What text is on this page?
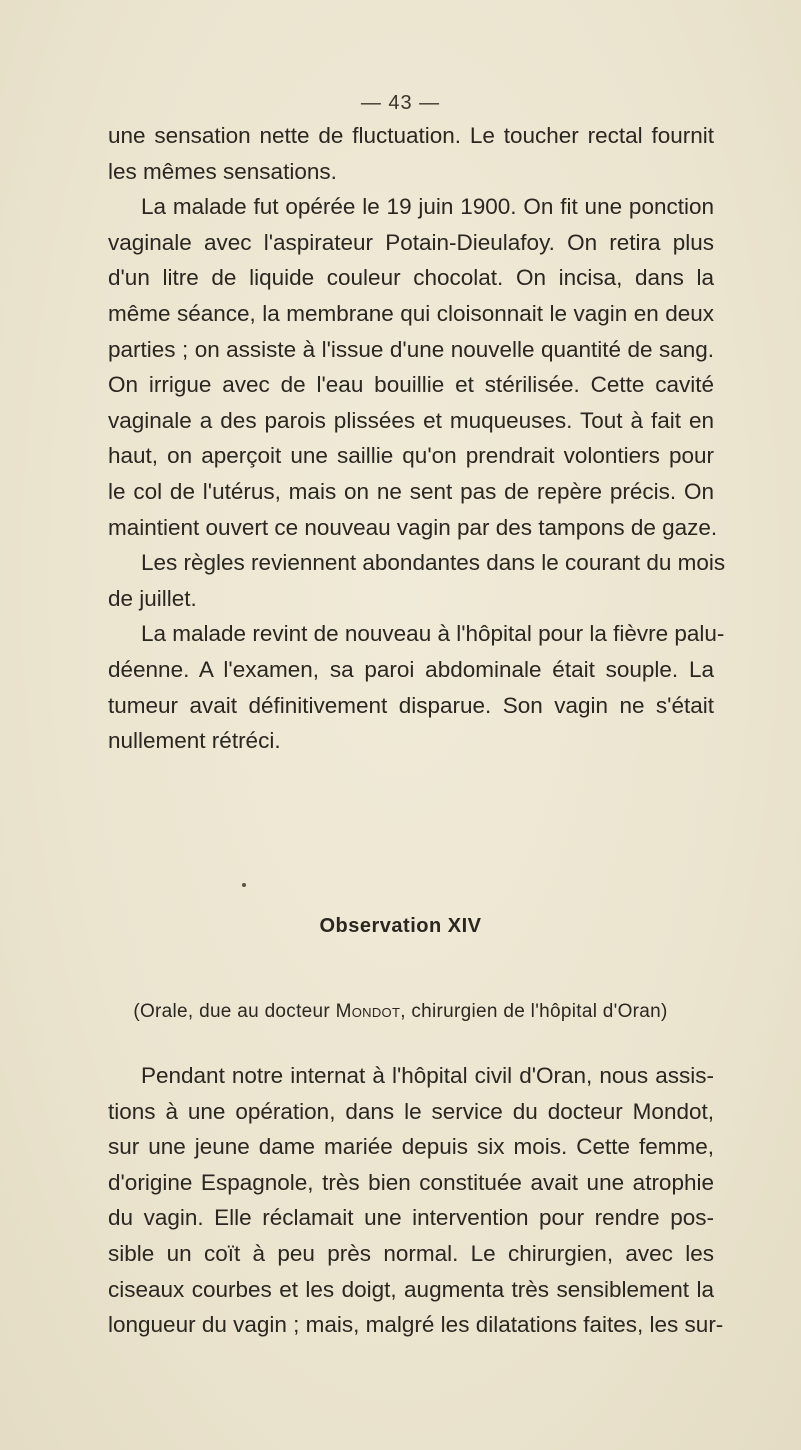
— 43 —
une sensation nette de fluctuation. Le toucher rectal fournit
les mêmes sensations.
La malade fut opérée le 19 juin 1900. On fit une ponction
vaginale avec l'aspirateur Potain-Dieulafoy. On retira plus
d'un litre de liquide couleur chocolat. On incisa, dans la
même séance, la membrane qui cloisonnait le vagin en deux
parties ; on assiste à l'issue d'une nouvelle quantité de sang.
On irrigue avec de l'eau bouillie et stérilisée. Cette cavité
vaginale a des parois plissées et muqueuses. Tout à fait en
haut, on aperçoit une saillie qu'on prendrait volontiers pour
le col de l'utérus, mais on ne sent pas de repère précis. On
maintient ouvert ce nouveau vagin par des tampons de gaze.
Les règles reviennent abondantes dans le courant du mois
de juillet.
La malade revint de nouveau à l'hôpital pour la fièvre palu-
déenne. A l'examen, sa paroi abdominale était souple. La
tumeur avait définitivement disparue. Son vagin ne s'était
nullement rétréci.
Observation XIV
(Orale, due au docteur Mondot, chirurgien de l'hôpital d'Oran)
Pendant notre internat à l'hôpital civil d'Oran, nous assis-
tions à une opération, dans le service du docteur Mondot,
sur une jeune dame mariée depuis six mois. Cette femme,
d'origine Espagnole, très bien constituée avait une atrophie
du vagin. Elle réclamait une intervention pour rendre pos-
sible un coït à peu près normal. Le chirurgien, avec les
ciseaux courbes et les doigt, augmenta très sensiblement la
longueur du vagin ; mais, malgré les dilatations faites, les sur-
